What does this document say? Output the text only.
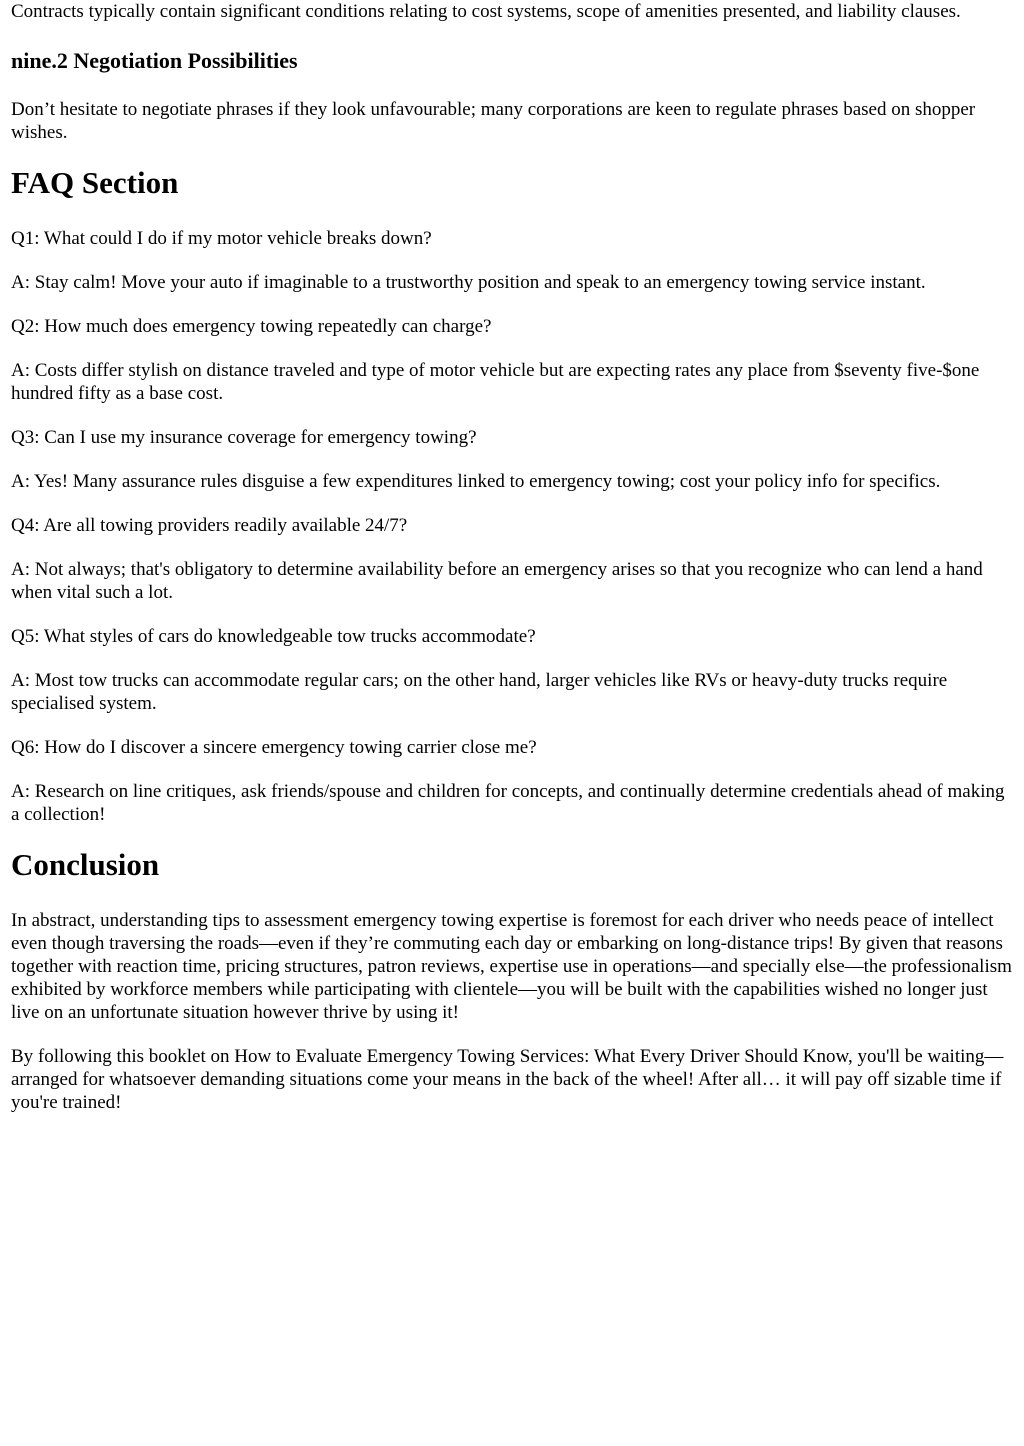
Contracts typically contain significant conditions relating to cost systems, scope of amenities presented, and liability clauses.

nine.2 Negotiation Possibilities

Don’t hesitate to negotiate phrases if they look unfavourable; many corporations are keen to regulate phrases based on shopper wishes.

FAQ Section

Q1: What could I do if my motor vehicle breaks down?

A: Stay calm! Move your auto if imaginable to a trustworthy position and speak to an emergency towing service instant.

Q2: How much does emergency towing repeatedly can charge?

A: Costs differ stylish on distance traveled and type of motor vehicle but are expecting rates any place from $seventy five-$one hundred fifty as a base cost.

Q3: Can I use my insurance coverage for emergency towing?

A: Yes! Many assurance rules disguise a few expenditures linked to emergency towing; cost your policy info for specifics.

Q4: Are all towing providers readily available 24/7?

A: Not always; that's obligatory to determine availability before an emergency arises so that you recognize who can lend a hand when vital such a lot.

Q5: What styles of cars do knowledgeable tow trucks accommodate?

A: Most tow trucks can accommodate regular cars; on the other hand, larger vehicles like RVs or heavy-duty trucks require specialised system.

Q6: How do I discover a sincere emergency towing carrier close me?

A: Research on line critiques, ask friends/spouse and children for concepts, and continually determine credentials ahead of making a collection!

Conclusion

In abstract, understanding tips to assessment emergency towing expertise is foremost for each driver who needs peace of intellect even though traversing the roads—even if they’re commuting each day or embarking on long-distance trips! By given that reasons together with reaction time, pricing structures, patron reviews, expertise use in operations—and specially else—the professionalism exhibited by workforce members while participating with clientele—you will be built with the capabilities wished no longer just live on an unfortunate situation however thrive by using it!

By following this booklet on How to Evaluate Emergency Towing Services: What Every Driver Should Know, you'll be waiting—arranged for whatsoever demanding situations come your means in the back of the wheel! After all… it will pay off sizable time if you're trained!
